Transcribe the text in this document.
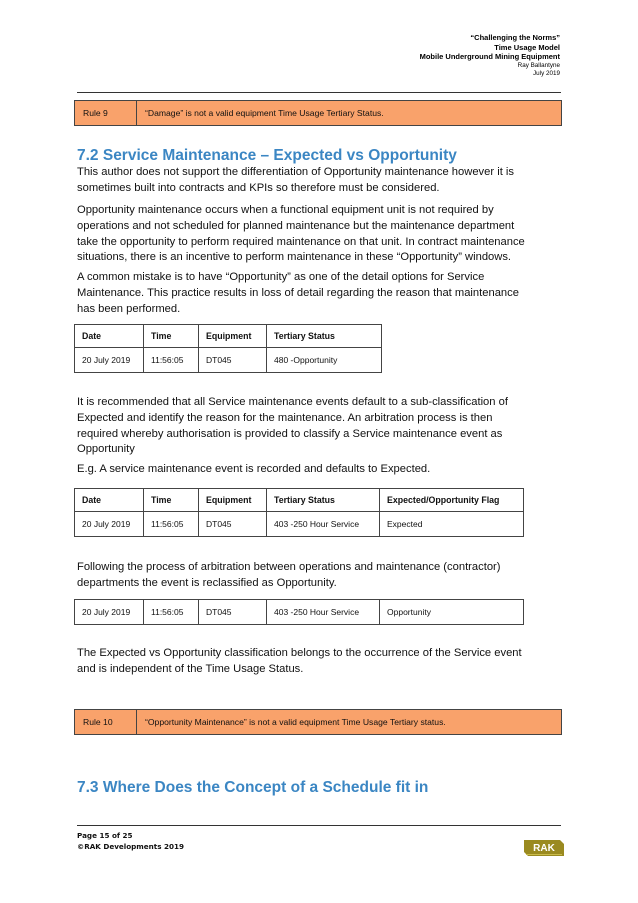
“Challenging the Norms”
Time Usage Model
Mobile Underground Mining Equipment
Ray Ballantyne
July 2019
Rule 9	“Damage” is not a valid equipment Time Usage Tertiary Status.
7.2 Service Maintenance – Expected vs Opportunity
This author does not support the differentiation of Opportunity maintenance however it is
sometimes built into contracts and KPIs so therefore must be considered.
Opportunity maintenance occurs when a functional equipment unit is not required by
operations and not scheduled for planned maintenance but the maintenance department
take the opportunity to perform required maintenance on that unit. In contract maintenance
situations, there is an incentive to perform maintenance in these “Opportunity” windows.
A common mistake is to have “Opportunity” as one of the detail options for Service
Maintenance. This practice results in loss of detail regarding the reason that maintenance
has been performed.
Date	Time	Equipment	Tertiary Status
20 July 2019	11:56:05	DT045	480 -Opportunity
It is recommended that all Service maintenance events default to a sub-classification of
Expected and identify the reason for the maintenance. An arbitration process is then
required whereby authorisation is provided to classify a Service maintenance event as
Opportunity
E.g. A service maintenance event is recorded and defaults to Expected.
Date	Time	Equipment	Tertiary Status	Expected/Opportunity Flag
20 July 2019	11:56:05	DT045	403 -250 Hour Service	Expected
Following the process of arbitration between operations and maintenance (contractor)
departments the event is reclassified as Opportunity.
20 July 2019	11:56:05	DT045	403 -250 Hour Service	Opportunity
The Expected vs Opportunity classification belongs to the occurrence of the Service event
and is independent of the Time Usage Status.
Rule 10	“Opportunity Maintenance” is not a valid equipment Time Usage Tertiary status.
7.3 Where Does the Concept of a Schedule fit in
Page 15 of 25
©RAK Developments 2019	RAK
